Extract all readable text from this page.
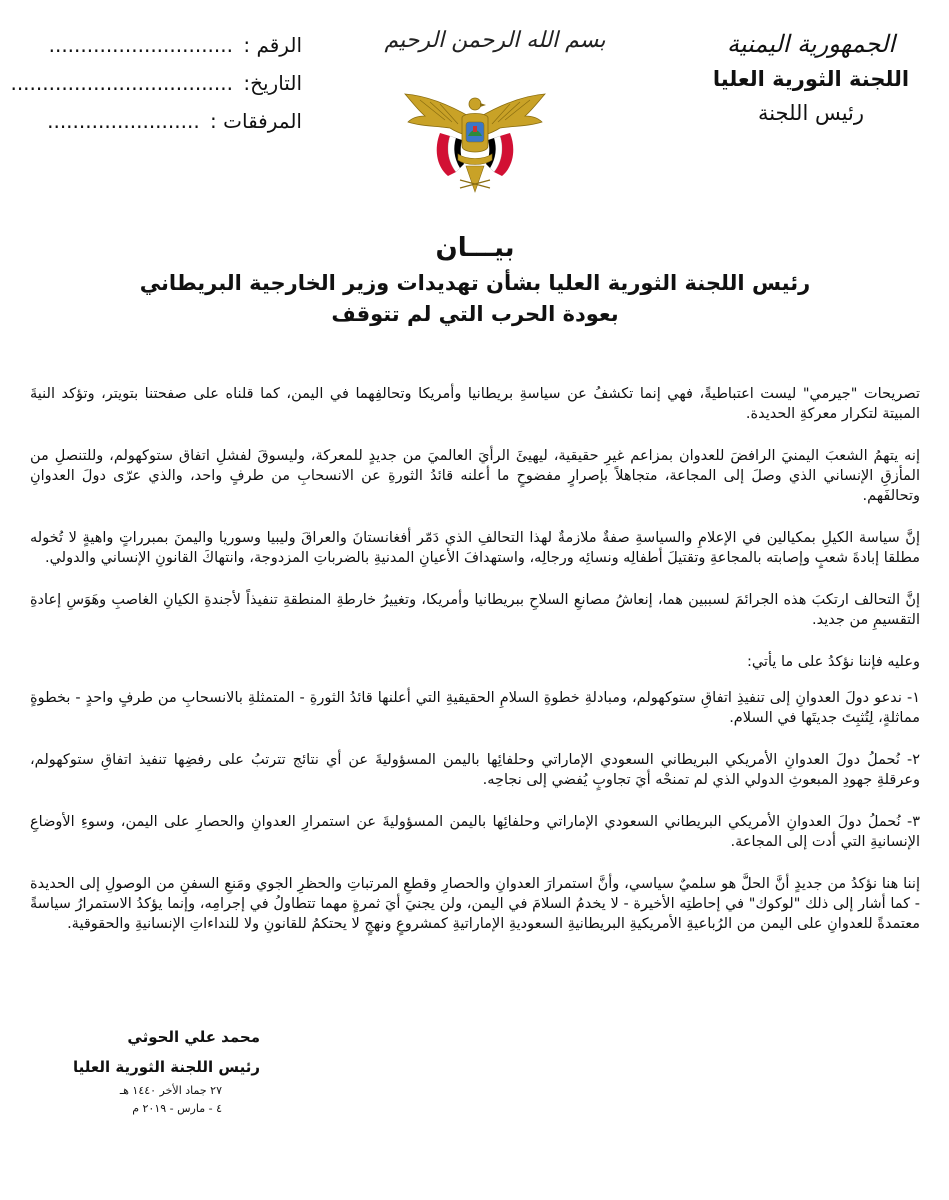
الجمهورية اليمنية
اللجنة الثورية العليا
رئيس اللجنة
بسم الله الرحمن الرحيم
الرقم : .............................
التاريخ: ...................................
المرفقات : ........................
بيـــان
رئيس اللجنة الثورية العليا بشأن تهديدات وزير الخارجية البريطاني
بعودة الحرب التي لم تتوقف

تصريحات "جيرمي" ليست اعتباطيةً، فهي إنما تكشفُ عن سياسةِ بريطانيا وأمريكا وتحالفِهما في اليمن، كما قلناه على صفحتنا بتويتر، وتؤكد النيةَ المبيتة لتكرار معركةِ الحديدة.

إنه يتهمُ الشعبَ اليمنيَ الرافضَ للعدوان بمزاعم غيرِ حقيقية، ليهيئَ الرأيَ العالميَ من جديدٍ للمعركة، وليسوقَ لفشلِ اتفاق ستوكهولم، وللتنصلِ من المأزقِ الإنساني الذي وصلَ إلى المجاعة، متجاهلاً بإصرارٍ مفضوحٍ ما أعلنه قائدُ الثورةِ عن الانسحابِ من طرفٍ واحد، والذي عرّى دولَ العدوانِ وتحالفَهم.

إنَّ سياسة الكيلِ بمكيالين في الإعلامِ والسياسةِ صفةٌ ملازمةٌ لهذا التحالفِ الذي دَمّر أفغانستانَ والعراقَ وليبيا وسوريا واليمنَ بمبرراتٍ واهيةٍ لا تُخوله مطلقا إبادةَ شعبٍ وإصابته بالمجاعةِ وتقتيلَ أطفالِه ونسائِه ورجالِه، واستهدافَ الأعيانِ المدنيةِ بالضرباتِ المزدوجة، وانتهاكَ القانونِ الإنساني والدولي.

إنَّ التحالف ارتكبَ هذه الجرائمَ لسببين هما، إنعاشُ مصانعِ السلاحِ ببريطانيا وأمريكا، وتغييرُ خارطةِ المنطقةِ تنفيذاً لأجندةِ الكيانِ الغاصبِ وهَوَسِ إعادةِ التقسيمِ من جديد.

وعليه فإننا نؤكدُ على ما يأتي:

١- ندعو دولَ العدوانِ إلى تنفيذِ اتفاقِ ستوكهولم، ومبادلةِ خطوةِ السلامِ الحقيقيةِ التي أعلنها قائدُ الثورةِ - المتمثلةِ بالانسحابِ من طرفٍ واحدٍ - بخطوةٍ مماثلةٍ، لِتُثبِتَ جديتَها في السلام.

٢- نُحملُ دولَ العدوانِ الأمريكي البريطاني السعودي الإماراتي وحلفائِها باليمن المسؤوليةَ عن أي نتائج تترتبُ على رفضِها تنفيذ اتفاقِ ستوكهولم، وعرقلةِ جهودِ المبعوثِ الدولي الذي لم تمنحْه أيَ تجاوبٍ يُفضي إلى نجاحِه.

٣- نُحملُ دولَ العدوانِ الأمريكي البريطاني السعودي الإماراتي وحلفائِها باليمن المسؤوليةَ عن استمرارِ العدوانِ والحصارِ على اليمن، وسوءِ الأوضاعِ الإنسانيةِ التي أدت إلى المجاعة.

إننا هنا نؤكدُ من جديدٍ أنَّ الحلَّ هو سلميٌ سياسي، وأنَّ استمرارَ العدوانِ والحصارِ وقطعِ المرتباتِ والحظرِ الجوي ومَنعِ السفنِ من الوصولِ إلى الحديدة - كما أشار إلى ذلك "لوكوك" في إحاطتِه الأخيرة - لا يخدمُ السلامَ في اليمن، ولن يجنيَ أيَ ثمرةٍ مهما تتطاولُ في إجرامِه، وإنما يؤكدُ الاستمرارُ سياسةً معتمدةً للعدوانِ على اليمن من الرُباعيةِ الأمريكيةِ البريطانيةِ السعوديةِ الإماراتيةِ كمشروعٍ ونهجٍ لا يحتكمُ للقانونِ ولا للنداءاتِ الإنسانيةِ والحقوقية.

محمد علي الحوثي
رئيس اللجنة الثورية العليا
٢٧ جماد الأخر ١٤٤٠ هـ
٤ - مارس - ٢٠١٩ م
